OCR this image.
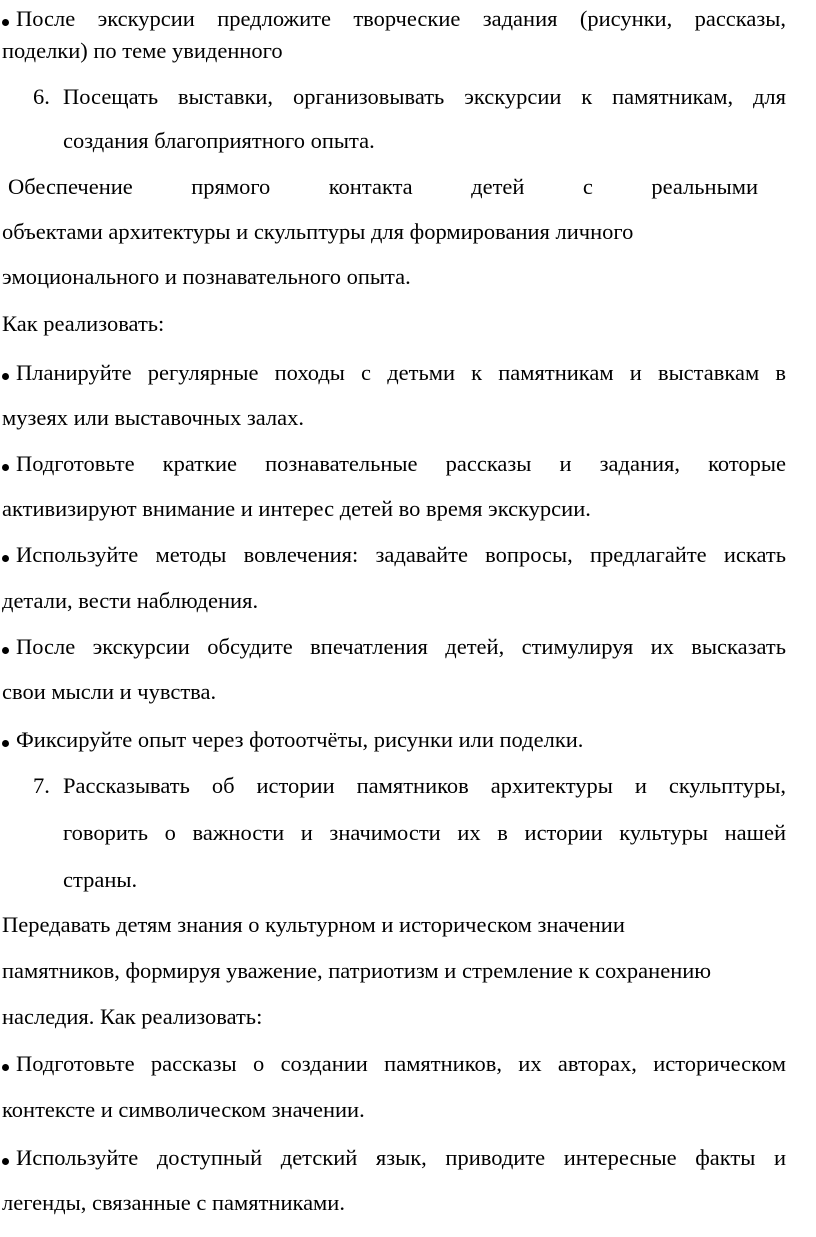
После экскурсии предложите творческие задания (рисунки, рассказы,
поделки) по теме увиденного
6. Посещать выставки, организовывать экскурсии к памятникам, для
создания благоприятного опыта.
Обеспечение прямого контакта детей с реальными
объектами архитектуры и скульптуры для формирования личного
эмоционального и познавательного опыта.
Как реализовать:
Планируйте регулярные походы с детьми к памятникам и выставкам в
музеях или выставочных залах.
Подготовьте краткие познавательные рассказы и задания, которые
активизируют внимание и интерес детей во время экскурсии.
Используйте методы вовлечения: задавайте вопросы, предлагайте искать
детали, вести наблюдения.
После экскурсии обсудите впечатления детей, стимулируя их высказать
свои мысли и чувства.
Фиксируйте опыт через фотоотчёты, рисунки или поделки.
7. Рассказывать об истории памятников архитектуры и скульптуры,
говорить о важности и значимости их в истории культуры нашей
страны.
Передавать детям знания о культурном и историческом значении
памятников, формируя уважение, патриотизм и стремление к сохранению
наследия. Как реализовать:
Подготовьте рассказы о создании памятников, их авторах, историческом
контексте и символическом значении.
Используйте доступный детский язык, приводите интересные факты и
легенды, связанные с памятниками.
